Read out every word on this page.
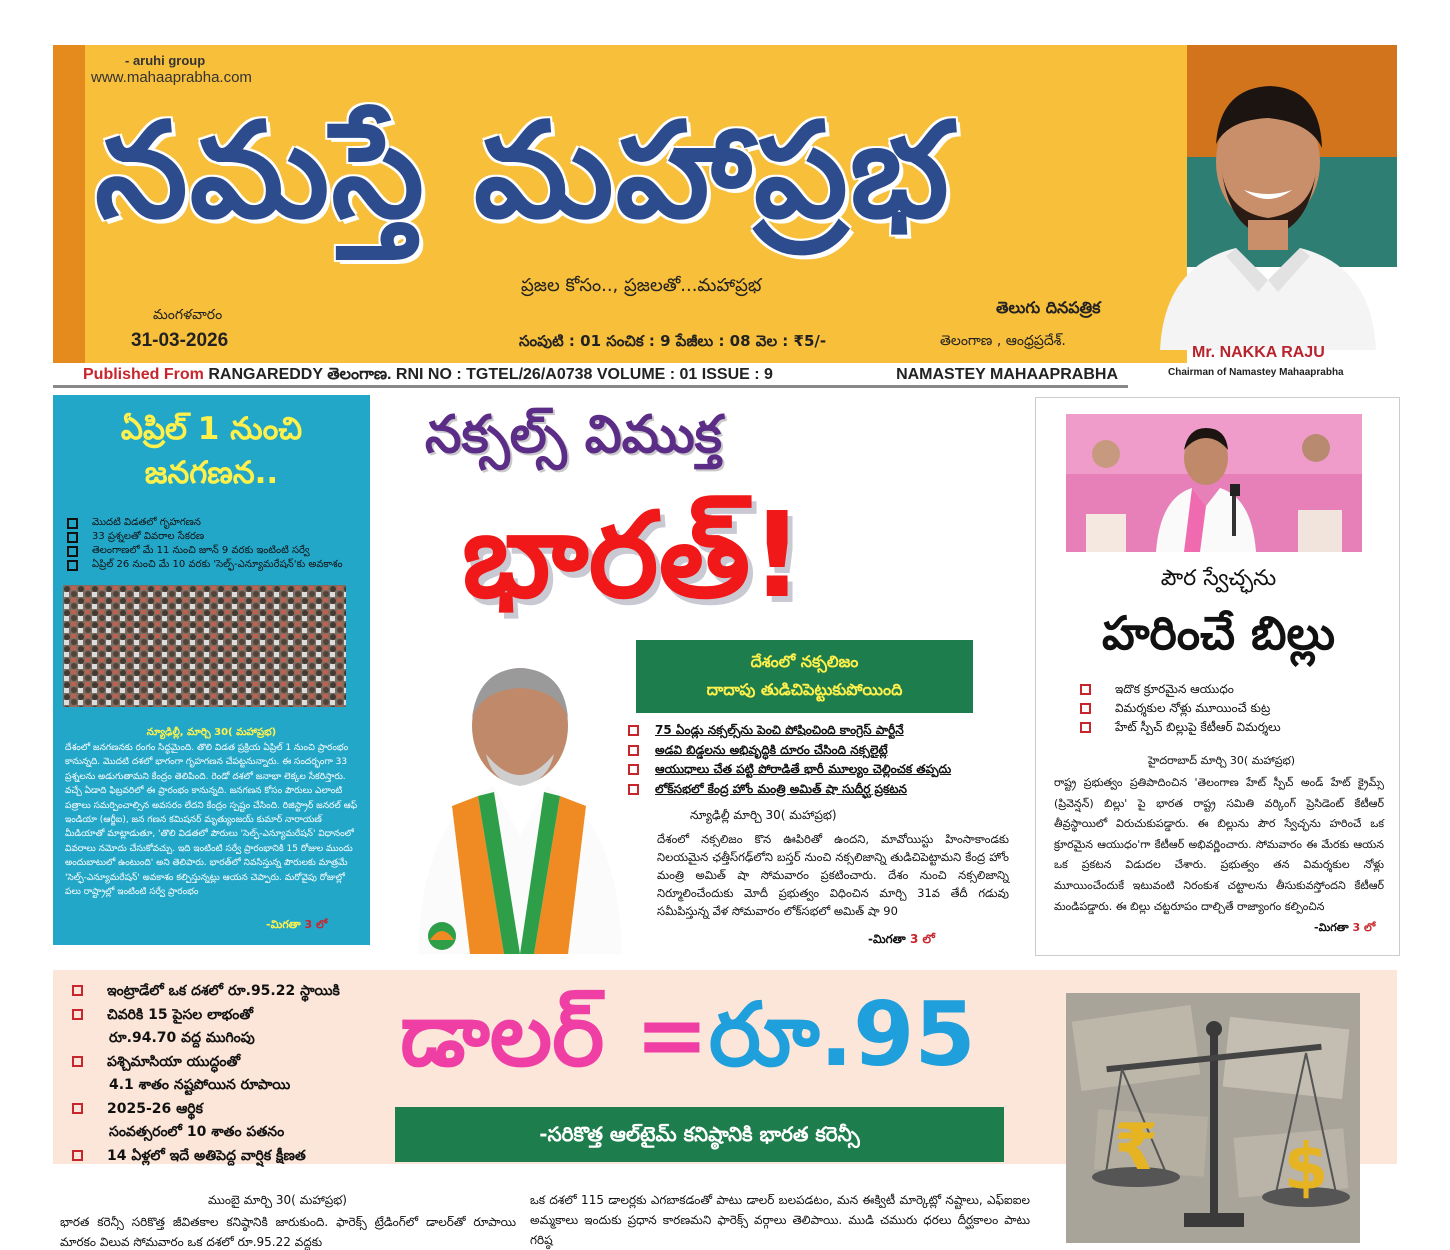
- aruhi group
www.mahaaprabha.com
నమస్తే మహాప్రభ
ప్రజల కోసం.., ప్రజలతో...మహాప్రభ
తెలుగు దినపత్రిక
మంగళవారం
31-03-2026	సంపుటి : 01 సంచిక : 9 పేజీలు : 08 వెల : ₹5/-	తెలంగాణ , ఆంధ్రప్రదేశ్.
Mr. NAKKA RAJU
Chairman of Namastey Mahaaprabha
Published From RANGAREDDY తెలంగాణ. RNI NO : TGTEL/26/A0738 VOLUME : 01 ISSUE : 9	NAMASTEY MAHAAPRABHA
ఏప్రిల్ 1 నుంచి జనగణన..
మొదటి విడతలో గృహగణన
33 ప్రశ్నలతో వివరాల సేకరణ
తెలంగాణలో మే 11 నుంచి జూన్ 9 వరకు ఇంటింటి సర్వే
ఏప్రిల్ 26 నుంచి మే 10 వరకు 'సెల్ఫ్-ఎన్యూమరేషన్'కు అవకాశం
న్యూఢిల్లీ, మార్చి 30( మహాప్రభ)
దేశంలో జనగణనకు రంగం సిద్ధమైంది. తొలి విడత ప్రక్రియ ఏప్రిల్ 1 నుంచి ప్రారంభం కానున్నది. మొదటి దశలో భాగంగా గృహగణన చేపట్టనున్నారు. ఈ సందర్భంగా 33 ప్రశ్నలను అడుగుతామని కేంద్రం తెలిపింది. రెండో దశలో జనాభా లెక్కల సేకరిస్తారు. వచ్చే ఏడాది ఫిబ్రవరిలో ఈ ప్రారంభం కానున్నది. జనగణన కోసం పౌరులు ఎలాంటి పత్రాలు సమర్పించాల్సిన అవసరం లేదని కేంద్రం స్పష్టం చేసింది. రిజిస్ట్రార్ జనరల్ ఆఫ్ ఇండియా (ఆర్జీఐ), జన గణన కమిషనర్ మృత్యుంజయ్ కుమార్ నారాయణ్ మీడియాతో మాట్లాడుతూ, 'తొలి విడతలో పౌరులు 'సెల్ఫ్-ఎన్యూమరేషన్' విధానంలో వివరాలు నమోదు చేసుకోవచ్చు. ఇది ఇంటింటి సర్వే ప్రారంభానికి 15 రోజుల ముందు అందుబాటులో ఉంటుంది' అని తెలిపారు. భారత్‌లో నివసిస్తున్న పౌరులకు మాత్రమే 'సెల్ఫ్-ఎన్యూమరేషన్' అవకాశం కల్పిస్తున్నట్లు ఆయన చెప్పారు. మరోవైపు రోజుల్లో పలు రాష్ట్రాల్లో ఇంటింటి సర్వే ప్రారంభం
-మిగతా 3 లో
నక్సల్స్ విముక్త
భారత్!
దేశంలో నక్సలిజం
దాదాపు తుడిచిపెట్టుకుపోయింది
75 ఏండ్లు నక్సల్స్‌ను పెంచి పోషించింది కాంగ్రెస్ పార్టీనే
అడవి బిడ్డలను అభివృద్ధికి దూరం చేసింది నక్సలైట్లే
ఆయుధాలు చేత పట్టి పోరాడితే భారీ మూల్యం చెల్లించక తప్పదు
లోక్‌సభలో కేంద్ర హోం మంత్రి అమిత్ షా సుదీర్ఘ ప్రకటన
న్యూఢిల్లీ మార్చి 30( మహాప్రభ)
దేశంలో నక్సలిజం కొన ఊపిరితో ఉందని, మావోయిస్టు హింసాకాండకు నిలయమైన ఛత్తీస్‌గఢ్‌లోని బస్తర్ నుంచి నక్సలిజాన్ని తుడిచిపెట్టామని కేంద్ర హోం మంత్రి అమిత్ షా సోమవారం ప్రకటించారు. దేశం నుంచి నక్సలిజాన్ని నిర్మూలించేందుకు మోదీ ప్రభుత్వం విధించిన మార్చి 31వ తేదీ గడువు సమీపిస్తున్న వేళ సోమవారం లోక్‌సభలో అమిత్ షా 90
-మిగతా 3 లో
పౌర స్వేచ్ఛను
హరించే బిల్లు
ఇదొక క్రూరమైన ఆయుధం
విమర్శకుల నోళ్లు మూయించే కుట్ర
హేట్ స్పీచ్ బిల్లుపై కేటీఆర్ విమర్శలు
హైదరాబాద్ మార్చి 30( మహాప్రభ)
రాష్ట్ర ప్రభుత్వం ప్రతిపాదించిన 'తెలంగాణ హేట్ స్పీచ్ అండ్ హేట్ క్రైమ్స్ (ప్రివెన్షన్) బిల్లు' పై భారత రాష్ట్ర సమితి వర్కింగ్ ప్రెసిడెంట్ కేటీఆర్ తీవ్రస్థాయిలో విరుచుకుపడ్డారు. ఈ బిల్లును పౌర స్వేచ్ఛను హరించే ఒక క్రూరమైన ఆయుధం'గా కేటీఆర్ అభివర్ణించారు. సోమవారం ఈ మేరకు ఆయన ఒక ప్రకటన విడుదల చేశారు. ప్రభుత్వం తన విమర్శకుల నోళ్లు మూయించేందుకే ఇటువంటి నిరంకుశ చట్టాలను తీసుకువస్తోందని కేటీఆర్ మండిపడ్డారు. ఈ బిల్లు చట్టరూపం దాల్చితే రాజ్యాంగం కల్పించిన
-మిగతా 3 లో
ఇంట్రాడేలో ఒక దశలో రూ.95.22 స్థాయికి
చివరికి 15 పైసల లాభంతో
రూ.94.70 వద్ద ముగింపు
పశ్చిమాసియా యుద్ధంతో
4.1 శాతం నష్టపోయిన రూపాయి
2025-26 ఆర్థిక
సంవత్సరంలో 10 శాతం పతనం
14 ఏళ్లలో ఇదే అతిపెద్ద వార్షిక క్షీణత
డాలర్ =రూ.95
-సరికొత్త ఆల్‌టైమ్ కనిష్ఠానికి భారత కరెన్సీ	₹ $
ముంబై మార్చి 30( మహాప్రభ)
భారత కరెన్సీ సరికొత్త జీవితకాల కనిష్ఠానికి జారుకుంది. ఫారెక్స్ ట్రేడింగ్‌లో డాలర్‌తో రూపాయి మారకం విలువ సోమవారం ఒక దశలో రూ.95.22 వద్దకు
ఒక దశలో 115 డాలర్లకు ఎగబాకడంతో పాటు డాలర్ బలపడటం, మన ఈక్విటీ మార్కెట్లో నష్టాలు, ఎఫ్ఐఐల అమ్మకాలు ఇందుకు ప్రధాన కారణమని ఫారెక్స్ వర్గాలు తెలిపాయి. ముడి చమురు ధరలు దీర్ఘకాలం పాటు గరిష్ఠ
